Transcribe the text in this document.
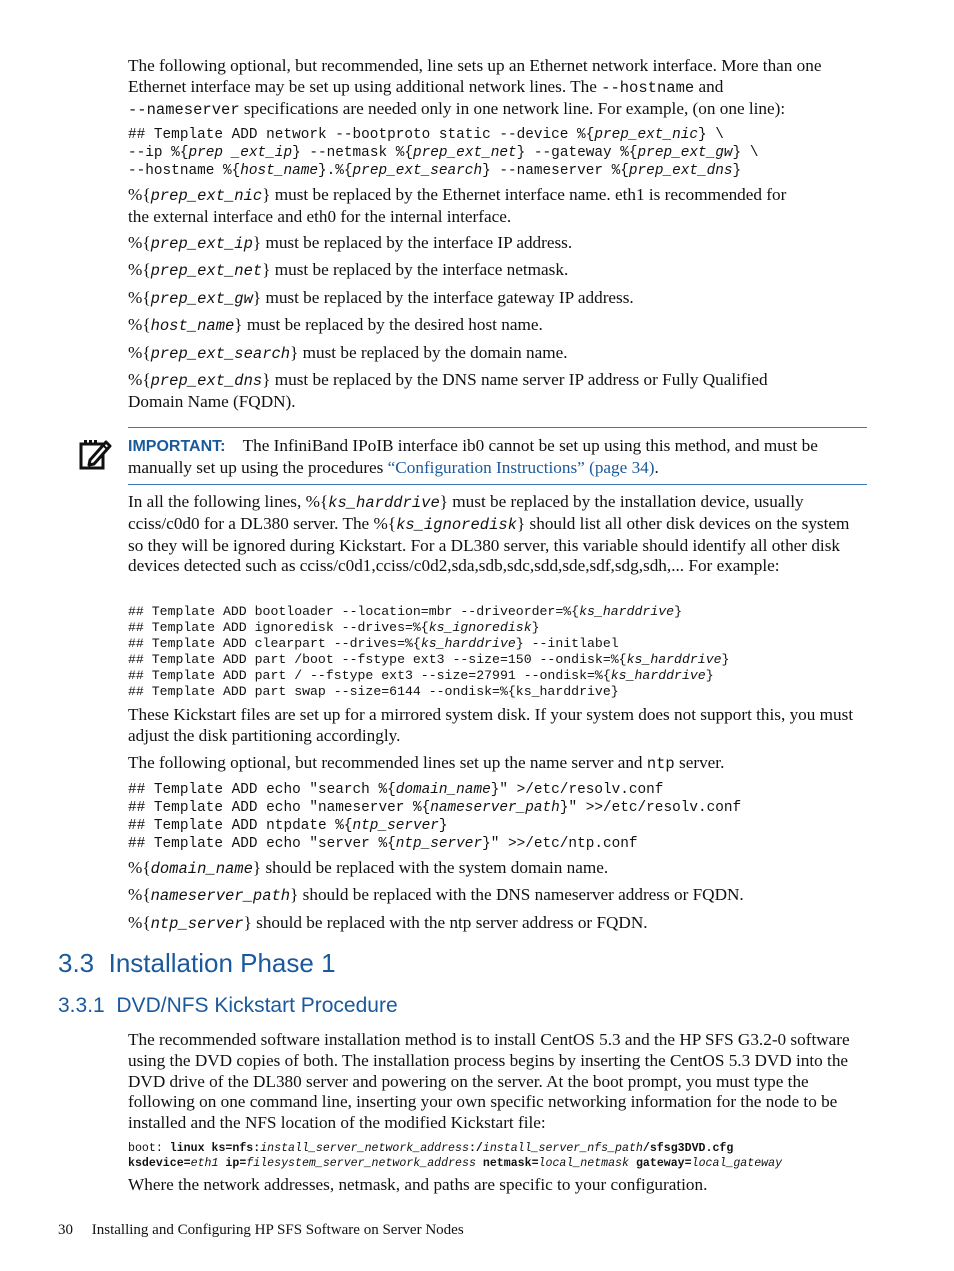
The following optional, but recommended, line sets up an Ethernet network interface. More than one Ethernet interface may be set up using additional network lines. The --hostname and
--nameserver specifications are needed only in one network line. For example, (on one line):

## Template ADD network --bootproto static --device %{prep_ext_nic} \
--ip %{prep _ext_ip} --netmask %{prep_ext_net} --gateway %{prep_ext_gw} \
--hostname %{host_name}.%{prep_ext_search} --nameserver %{prep_ext_dns}

%{prep_ext_nic} must be replaced by the Ethernet interface name. eth1 is recommended for
the external interface and eth0 for the internal interface.

%{prep_ext_ip} must be replaced by the interface IP address.

%{prep_ext_net} must be replaced by the interface netmask.

%{prep_ext_gw} must be replaced by the interface gateway IP address.

%{host_name} must be replaced by the desired host name.

%{prep_ext_search} must be replaced by the domain name.

%{prep_ext_dns} must be replaced by the DNS name server IP address or Fully Qualified
Domain Name (FQDN).

IMPORTANT: The InfiniBand IPoIB interface ib0 cannot be set up using this method, and must be manually set up using the procedures “Configuration Instructions” (page 34).

In all the following lines, %{ks_harddrive} must be replaced by the installation device, usually cciss/c0d0 for a DL380 server. The %{ks_ignoredisk} should list all other disk devices on the system so they will be ignored during Kickstart. For a DL380 server, this variable should identify all other disk devices detected such as cciss/c0d1,cciss/c0d2,sda,sdb,sdc,sdd,sde,sdf,sdg,sdh,... For example:

## Template ADD bootloader --location=mbr --driveorder=%{ks_harddrive}
## Template ADD ignoredisk --drives=%{ks_ignoredisk}
## Template ADD clearpart --drives=%{ks_harddrive} --initlabel
## Template ADD part /boot --fstype ext3 --size=150 --ondisk=%{ks_harddrive}
## Template ADD part / --fstype ext3 --size=27991 --ondisk=%{ks_harddrive}
## Template ADD part swap --size=6144 --ondisk=%{ks_harddrive}

These Kickstart files are set up for a mirrored system disk. If your system does not support this, you must adjust the disk partitioning accordingly.

The following optional, but recommended lines set up the name server and ntp server.

## Template ADD echo "search %{domain_name}" >/etc/resolv.conf
## Template ADD echo "nameserver %{nameserver_path}" >>/etc/resolv.conf
## Template ADD ntpdate %{ntp_server}
## Template ADD echo "server %{ntp_server}" >>/etc/ntp.conf

%{domain_name} should be replaced with the system domain name.

%{nameserver_path} should be replaced with the DNS nameserver address or FQDN.

%{ntp_server} should be replaced with the ntp server address or FQDN.

3.3 Installation Phase 1
3.3.1 DVD/NFS Kickstart Procedure

The recommended software installation method is to install CentOS 5.3 and the HP SFS G3.2-0 software using the DVD copies of both. The installation process begins by inserting the CentOS 5.3 DVD into the DVD drive of the DL380 server and powering on the server. At the boot prompt, you must type the following on one command line, inserting your own specific networking information for the node to be installed and the NFS location of the modified Kickstart file:

boot: linux ks=nfs:install_server_network_address:/install_server_nfs_path/sfsg3DVD.cfg
ksdevice=eth1 ip=filesystem_server_network_address netmask=local_netmask gateway=local_gateway

Where the network addresses, netmask, and paths are specific to your configuration.

30 Installing and Configuring HP SFS Software on Server Nodes
